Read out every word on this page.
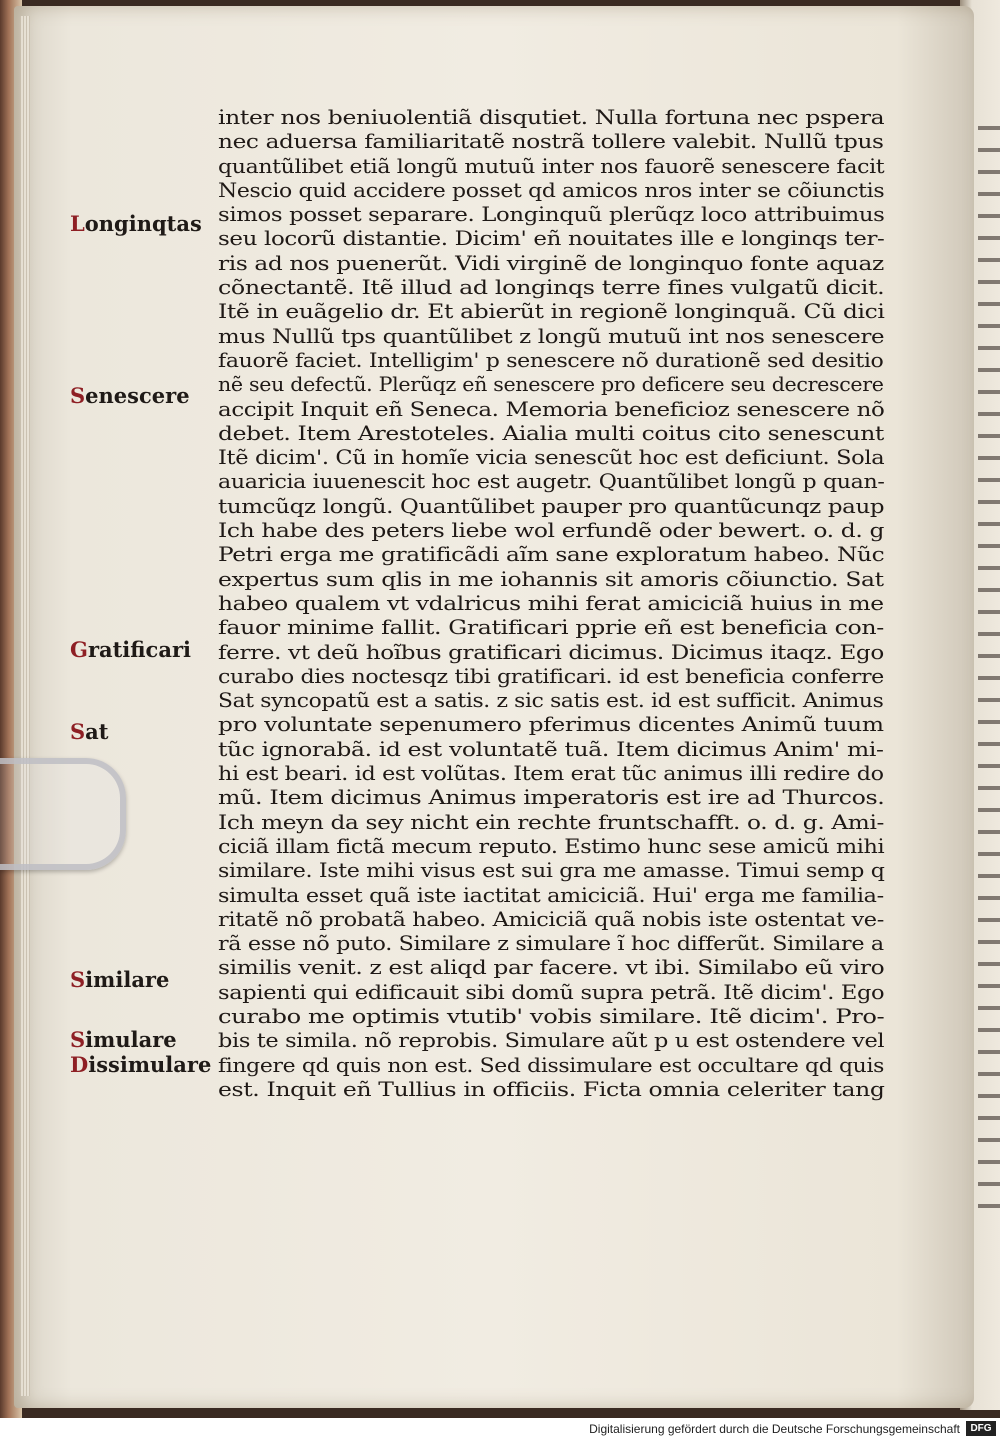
Longinqtas
Senescere
Gratificari
Sat
Similare
Simulare
Dissimulare
inter nos beniuolentiã disqutiet. Nulla fortuna nec pspera
nec aduersa familiaritatẽ nostrã tollere valebit. Nullũ tpus
quantũlibet etiã longũ mutuũ inter nos fauorẽ senescere facit
Nescio quid accidere posset qd amicos nros inter se cõiunctis
simos posset separare. Longinquũ plerũqz loco attribuimus
seu locorũ distantie. Dicim' eñ nouitates ille e longinqs ter-
ris ad nos puenerũt. Vidi virginẽ de longinquo fonte aquaz
cõnectantẽ. Itẽ illud ad longinqs terre fines vulgatũ dicit.
Itẽ in euãgelio dr. Et abierũt in regionẽ longinquã. Cũ dici
mus Nullũ tps quantũlibet z longũ mutuũ int nos senescere
fauorẽ faciet. Intelligim' p senescere nõ durationẽ sed desitio
nẽ seu defectũ. Plerũqz eñ senescere pro deficere seu decrescere
accipit Inquit eñ Seneca. Memoria beneficioz senescere nõ
debet. Item Arestoteles. Aialia multi coitus cito senescunt
Itẽ dicim'. Cũ in homĩe vicia senescũt hoc est deficiunt. Sola
auaricia iuuenescit hoc est augetr. Quantũlibet longũ p quan-
tumcũqz longũ. Quantũlibet pauper pro quantũcunqz paup
Ich habe des peters liebe wol erfundẽ oder bewert. o. d. g
Petri erga me gratificãdi aĩm sane exploratum habeo. Nũc
expertus sum qlis in me iohannis sit amoris cõiunctio. Sat
habeo qualem vt vdalricus mihi ferat amiciciã huius in me
fauor minime fallit. Gratificari pprie eñ est beneficia con-
ferre. vt deũ hoĩbus gratificari dicimus. Dicimus itaqz. Ego
curabo dies noctesqz tibi gratificari. id est beneficia conferre
Sat syncopatũ est a satis. z sic satis est. id est sufficit. Animus
pro voluntate sepenumero pferimus dicentes Animũ tuum
tũc ignorabã. id est voluntatẽ tuã. Item dicimus Anim' mi-
hi est beari. id est volũtas. Item erat tũc animus illi redire do
mũ. Item dicimus Animus imperatoris est ire ad Thurcos.
Ich meyn da sey nicht ein rechte fruntschafft. o. d. g. Ami-
ciciã illam fictã mecum reputo. Estimo hunc sese amicũ mihi
similare. Iste mihi visus est sui gra me amasse. Timui semp q
simulta esset quã iste iactitat amiciciã. Hui' erga me familia-
ritatẽ nõ probatã habeo. Amiciciã quã nobis iste ostentat ve-
rã esse nõ puto. Similare z simulare ĩ hoc differũt. Similare a
similis venit. z est aliqd par facere. vt ibi. Similabo eũ viro
sapienti qui edificauit sibi domũ supra petrã. Itẽ dicim'. Ego
curabo me optimis vtutib' vobis similare. Itẽ dicim'. Pro-
bis te simila. nõ reprobis. Simulare aũt p u est ostendere vel
fingere qd quis non est. Sed dissimulare est occultare qd quis
est. Inquit eñ Tullius in officiis. Ficta omnia celeriter tang
Digitalisierung gefördert durch die Deutsche Forschungsgemeinschaft	DFG
